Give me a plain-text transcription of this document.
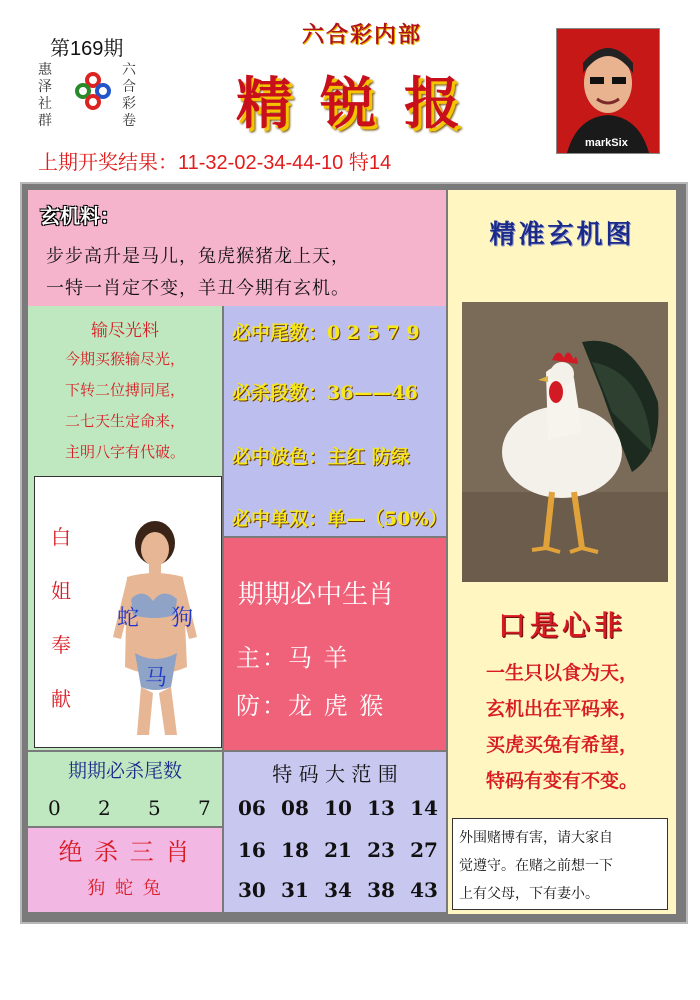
第169期
惠泽社群
六合彩卷
六合彩内部
精锐报
markSix
上期开奖结果：11-32-02-34-44-10 特14
玄机料：
步步高升是马儿，兔虎猴猪龙上天，
一特一肖定不变，羊丑今期有玄机。
输尽光料
今期买猴输尽光，
下转二位搏同尾，
二七天生定命来，
主明八字有代破。
必中尾数：0 2 5 7 9
必杀段数：36——46
必中波色：主红 防绿
必中单双：单—（50%）
白
姐
奉
献
蛇 狗
马
期期必中生肖
主：马 羊
防：龙 虎 猴
期期必杀尾数
0 2 5 7
绝 杀 三 肖
狗 蛇 兔
特 码 大 范 围
06 08 10 13 14
16 18 21 23 27
30 31 34 38 43
精准玄机图
口是心非
一生只以食为天，
玄机出在平码来，
买虎买兔有希望，
特码有变有不变。
外围赌博有害，请大家自
觉遵守。在赌之前想一下
上有父母，下有妻小。
